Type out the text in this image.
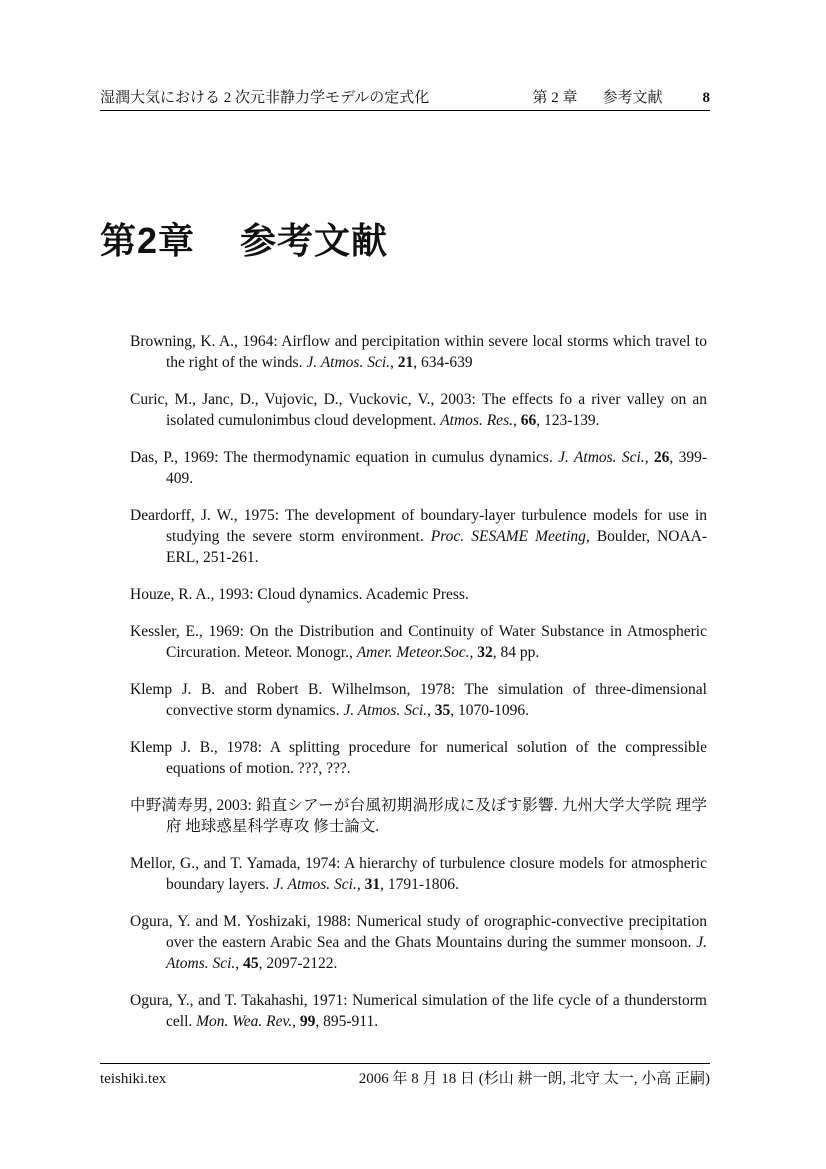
湿潤大気における 2 次元非静力学モデルの定式化	第 2 章 参考文献	8
第2章 参考文献

Browning, K. A., 1964: Airflow and percipitation within severe local storms which travel to the right of the winds. J. Atmos. Sci., 21, 634-639

Curic, M., Janc, D., Vujovic, D., Vuckovic, V., 2003: The effects fo a river valley on an isolated cumulonimbus cloud development. Atmos. Res., 66, 123-139.

Das, P., 1969: The thermodynamic equation in cumulus dynamics. J. Atmos. Sci., 26, 399-409.

Deardorff, J. W., 1975: The development of boundary-layer turbulence models for use in studying the severe storm environment. Proc. SESAME Meeting, Boulder, NOAA-ERL, 251-261.

Houze, R. A., 1993: Cloud dynamics. Academic Press.

Kessler, E., 1969: On the Distribution and Continuity of Water Substance in Atmospheric Circuration. Meteor. Monogr., Amer. Meteor.Soc., 32, 84 pp.

Klemp J. B. and Robert B. Wilhelmson, 1978: The simulation of three-dimensional convective storm dynamics. J. Atmos. Sci., 35, 1070-1096.

Klemp J. B., 1978: A splitting procedure for numerical solution of the compressible equations of motion. ???, ???.

中野満寿男, 2003: 鉛直シアーが台風初期渦形成に及ぼす影響. 九州大学大学院 理学府 地球惑星科学専攻 修士論文.

Mellor, G., and T. Yamada, 1974: A hierarchy of turbulence closure models for atmospheric boundary layers. J. Atmos. Sci., 31, 1791-1806.

Ogura, Y. and M. Yoshizaki, 1988: Numerical study of orographic-convective precipitation over the eastern Arabic Sea and the Ghats Mountains during the summer monsoon. J. Atoms. Sci., 45, 2097-2122.

Ogura, Y., and T. Takahashi, 1971: Numerical simulation of the life cycle of a thunderstorm cell. Mon. Wea. Rev., 99, 895-911.

teishiki.tex	2006 年 8 月 18 日 (杉山 耕一朗, 北守 太一, 小高 正嗣)
